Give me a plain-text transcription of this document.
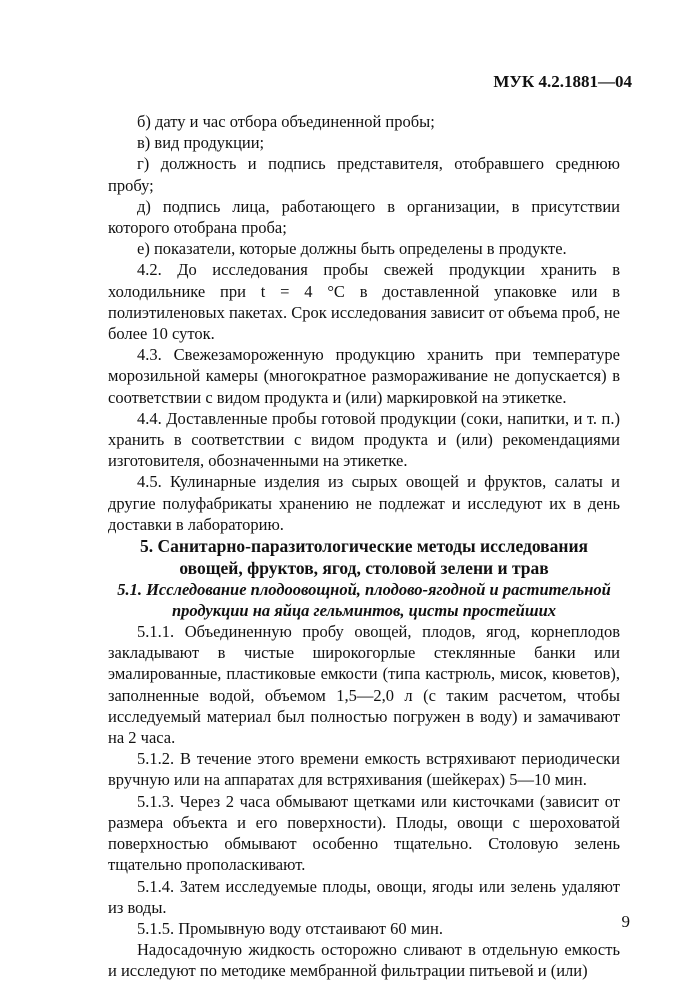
МУК 4.2.1881—04

б) дату и час отбора объединенной пробы;

в) вид продукции;

г) должность и подпись представителя, отобравшего среднюю пробу;

д) подпись лица, работающего в организации, в присутствии которого отобрана проба;

е) показатели, которые должны быть определены в продукте.

4.2. До исследования пробы свежей продукции хранить в холодильнике при t = 4 °С в доставленной упаковке или в полиэтиленовых пакетах. Срок исследования зависит от объема проб, не более 10 суток.

4.3. Свежезамороженную продукцию хранить при температуре морозильной камеры (многократное размораживание не допускается) в соответствии с видом продукта и (или) маркировкой на этикетке.

4.4. Доставленные пробы готовой продукции (соки, напитки, и т. п.) хранить в соответствии с видом продукта и (или) рекомендациями изготовителя, обозначенными на этикетке.

4.5. Кулинарные изделия из сырых овощей и фруктов, салаты и другие полуфабрикаты хранению не подлежат и исследуют их в день доставки в лабораторию.

5. Санитарно-паразитологические методы исследования овощей, фруктов, ягод, столовой зелени и трав

5.1. Исследование плодоовощной, плодово-ягодной и растительной продукции на яйца гельминтов, цисты простейших

5.1.1. Объединенную пробу овощей, плодов, ягод, корнеплодов закладывают в чистые широкогорлые стеклянные банки или эмалированные, пластиковые емкости (типа кастрюль, мисок, кюветов), заполненные водой, объемом 1,5—2,0 л (с таким расчетом, чтобы исследуемый материал был полностью погружен в воду) и замачивают на 2 часа.

5.1.2. В течение этого времени емкость встряхивают периодически вручную или на аппаратах для встряхивания (шейкерах) 5—10 мин.

5.1.3. Через 2 часа обмывают щетками или кисточками (зависит от размера объекта и его поверхности). Плоды, овощи с шероховатой поверхностью обмывают особенно тщательно. Столовую зелень тщательно прополаскивают.

5.1.4. Затем исследуемые плоды, овощи, ягоды или зелень удаляют из воды.

5.1.5. Промывную воду отстаивают 60 мин.

Надосадочную жидкость осторожно сливают в отдельную емкость и исследуют по методике мембранной фильтрации питьевой и (или)

9
